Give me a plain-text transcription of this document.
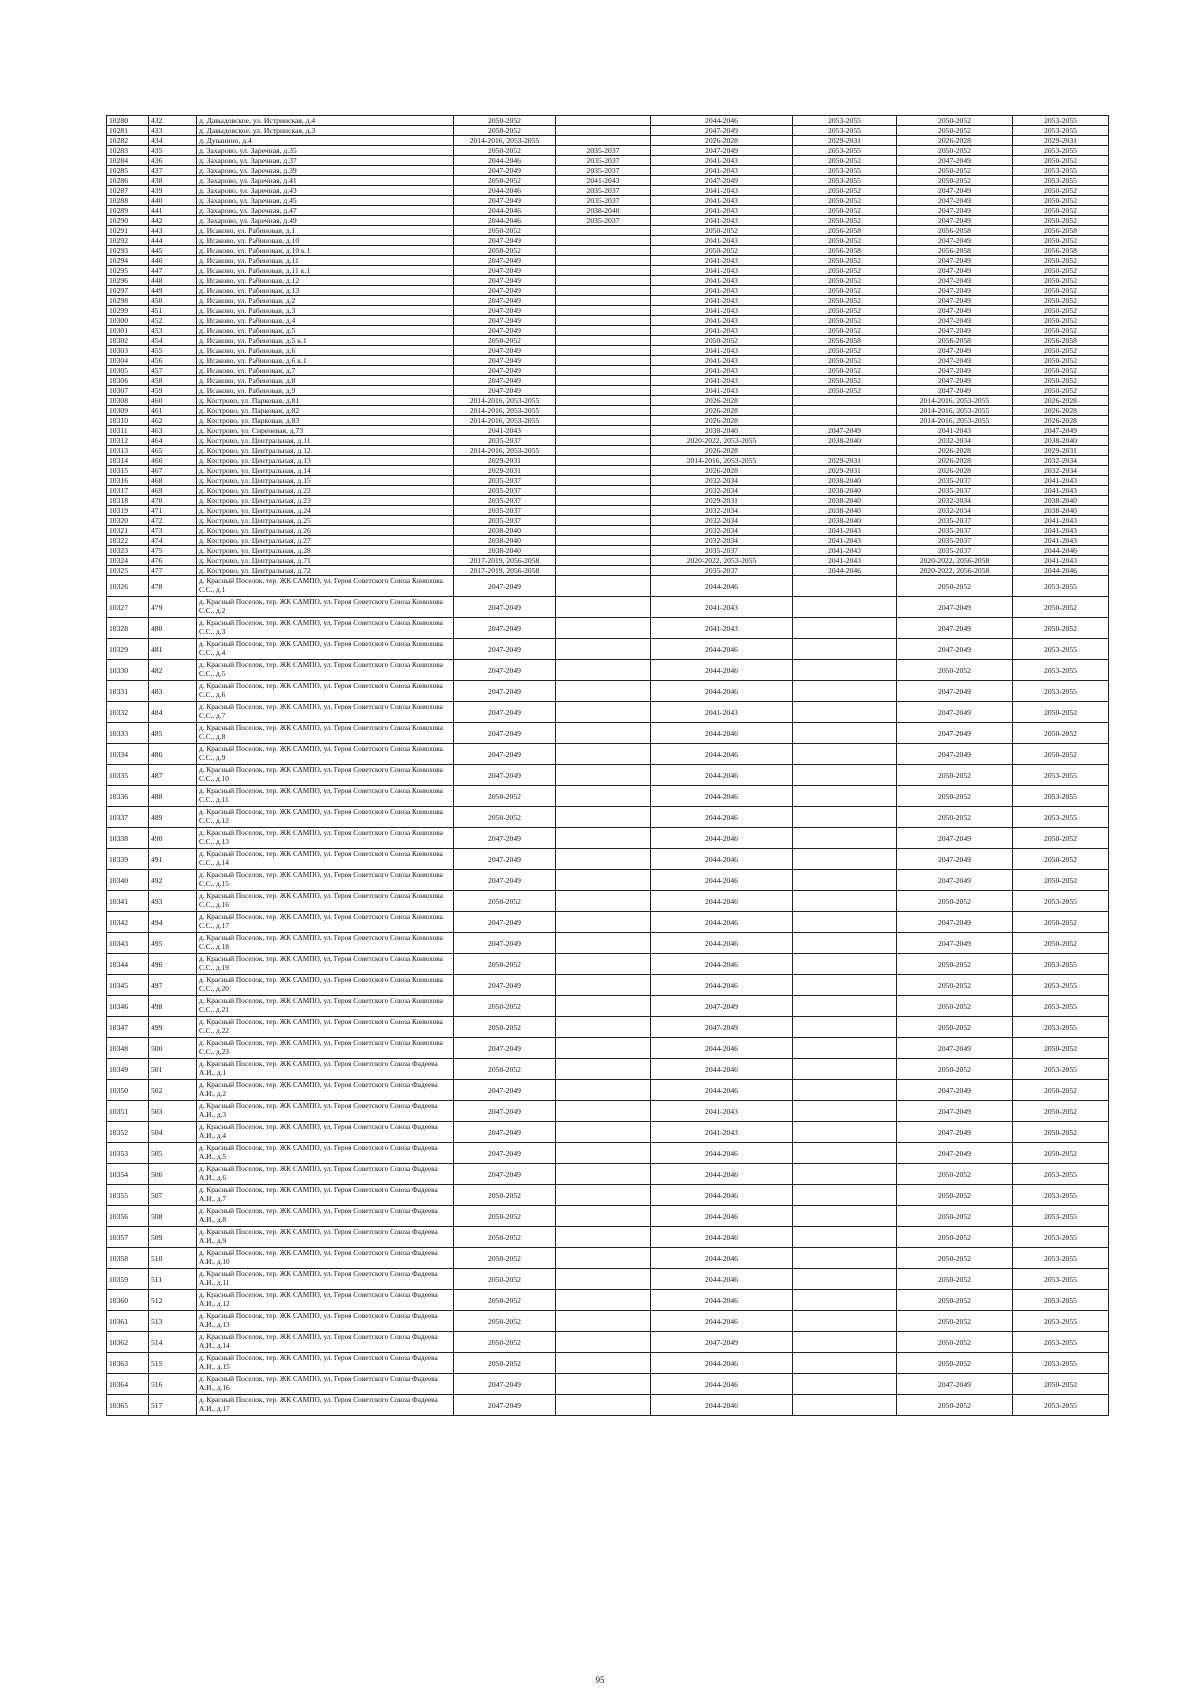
10280	432	д. Давыдовское, ул. Истринская, д.4	2050-2052		2044-2046	2053-2055	2050-2052	2053-2055
10281	433	д. Давыдовское, ул. Истринская, д.3	2050-2052		2047-2049	2053-2055	2050-2052	2053-2055
10282	434	д. Дуванино, д.4	2014-2016, 2053-2055		2026-2028	2029-2031	2026-2028	2029-2031
10283	435	д. Захарово, ул. Заречная, д.35	2050-2052	2035-2037	2047-2049	2053-2055	2050-2052	2053-2055
10284	436	д. Захарово, ул. Заречная, д.37	2044-2046	2035-2037	2041-2043	2050-2052	2047-2049	2050-2052
10285	437	д. Захарово, ул. Заречная, д.39	2047-2049	2035-2037	2041-2043	2053-2055	2050-2052	2053-2055
10286	438	д. Захарово, ул. Заречная, д.41	2050-2052	2041-2043	2047-2049	2053-2055	2050-2052	2053-2055
10287	439	д. Захарово, ул. Заречная, д.43	2044-2046	2035-2037	2041-2043	2050-2052	2047-2049	2050-2052
10288	440	д. Захарово, ул. Заречная, д.45	2047-2049	2035-2037	2041-2043	2050-2052	2047-2049	2050-2052
10289	441	д. Захарово, ул. Заречная, д.47	2044-2046	2038-2040	2041-2043	2050-2052	2047-2049	2050-2052
10290	442	д. Захарово, ул. Заречная, д.49	2044-2046	2035-2037	2041-2043	2050-2052	2047-2049	2050-2052
10291	443	д. Исаково, ул. Рабиновая, д.1	2050-2052		2050-2052	2056-2058	2056-2058	2056-2058
10292	444	д. Исаково, ул. Рабиновая, д.10	2047-2049		2041-2043	2050-2052	2047-2049	2050-2052
10293	445	д. Исаково, ул. Рабиновая, д.10 к.1	2050-2052		2050-2052	2056-2058	2056-2058	2056-2058
10294	446	д. Исаково, ул. Рабиновая, д.11	2047-2049		2041-2043	2050-2052	2047-2049	2050-2052
10295	447	д. Исаково, ул. Рабиновая, д.11 к.1	2047-2049		2041-2043	2050-2052	2047-2049	2050-2052
10296	448	д. Исаково, ул. Рабиновая, д.12	2047-2049		2041-2043	2050-2052	2047-2049	2050-2052
10297	449	д. Исаково, ул. Рабиновая, д.13	2047-2049		2041-2043	2050-2052	2047-2049	2050-2052
10298	450	д. Исаково, ул. Рабиновая, д.2	2047-2049		2041-2043	2050-2052	2047-2049	2050-2052
10299	451	д. Исаково, ул. Рабиновая, д.3	2047-2049		2041-2043	2050-2052	2047-2049	2050-2052
10300	452	д. Исаково, ул. Рабиновая, д.4	2047-2049		2041-2043	2050-2052	2047-2049	2050-2052
10301	453	д. Исаково, ул. Рабиновая, д.5	2047-2049		2041-2043	2050-2052	2047-2049	2050-2052
10302	454	д. Исаково, ул. Рабиновая, д.5 к.1	2050-2052		2050-2052	2056-2058	2056-2058	2056-2058
10303	455	д. Исаково, ул. Рабиновая, д.6	2047-2049		2041-2043	2050-2052	2047-2049	2050-2052
10304	456	д. Исаково, ул. Рабиновая, д.6 к.1	2047-2049		2041-2043	2050-2052	2047-2049	2050-2052
10305	457	д. Исаково, ул. Рабиновая, д.7	2047-2049		2041-2043	2050-2052	2047-2049	2050-2052
10306	458	д. Исаково, ул. Рабиновая, д.8	2047-2049		2041-2043	2050-2052	2047-2049	2050-2052
10307	459	д. Исаково, ул. Рабиновая, д.9	2047-2049		2041-2043	2050-2052	2047-2049	2050-2052
10308	460	д. Кострово, ул. Парковая, д.81	2014-2016, 2053-2055		2026-2028		2014-2016, 2053-2055	2026-2028
10309	461	д. Кострово, ул. Парковая, д.82	2014-2016, 2053-2055		2026-2028		2014-2016, 2053-2055	2026-2028
10310	462	д. Кострово, ул. Парковая, д.83	2014-2016, 2053-2055		2026-2028		2014-2016, 2053-2055	2026-2028
10311	463	д. Кострово, ул. Сиреневая, д.73	2041-2043		2038-2040	2047-2049	2041-2043	2047-2049
10312	464	д. Кострово, ул. Центральная, д.11	2035-2037		2020-2022, 2053-2055	2038-2040	2032-2034	2038-2040
10313	465	д. Кострово, ул. Центральная, д.12	2014-2016, 2053-2055		2026-2028		2026-2028	2029-2031
10314	466	д. Кострово, ул. Центральная, д.13	2029-2031		2014-2016, 2053-2055	2029-2031	2026-2028	2032-2034
10315	467	д. Кострово, ул. Центральная, д.14	2029-2031		2026-2028	2029-2031	2026-2028	2032-2034
10316	468	д. Кострово, ул. Центральная, д.15	2035-2037		2032-2034	2038-2040	2035-2037	2041-2043
10317	469	д. Кострово, ул. Центральная, д.22	2035-2037		2032-2034	2038-2040	2035-2037	2041-2043
10318	470	д. Кострово, ул. Центральная, д.23	2035-2037		2029-2031	2038-2040	2032-2034	2038-2040
10319	471	д. Кострово, ул. Центральная, д.24	2035-2037		2032-2034	2038-2040	2032-2034	2038-2040
10320	472	д. Кострово, ул. Центральная, д.25	2035-2037		2032-2034	2038-2040	2035-2037	2041-2043
10321	473	д. Кострово, ул. Центральная, д.26	2038-2040		2032-2034	2041-2043	2035-2037	2041-2043
10322	474	д. Кострово, ул. Центральная, д.27	2038-2040		2032-2034	2041-2043	2035-2037	2041-2043
10323	475	д. Кострово, ул. Центральная, д.28	2038-2040		2035-2037	2041-2043	2035-2037	2044-2046
10324	476	д. Кострово, ул. Центральная, д.71	2017-2019, 2056-2058		2020-2022, 2053-2055	2041-2043	2020-2022, 2056-2058	2041-2043
10325	477	д. Кострово, ул. Центральная, д.72	2017-2019, 2056-2058		2035-2037	2044-2046	2020-2022, 2056-2058	2044-2046
10326	478	д. Красный Поселок, тер. ЖК САМПО, ул. Героя Советского Союза Конюхова С.С., д.1	2047-2049		2044-2046		2050-2052	2053-2055
10327	479	д. Красный Поселок, тер. ЖК САМПО, ул. Героя Советского Союза Конюхова С.С., д.2	2047-2049		2041-2043		2047-2049	2050-2052
10328	480	д. Красный Поселок, тер. ЖК САМПО, ул. Героя Советского Союза Конюхова С.С., д.3	2047-2049		2041-2043		2047-2049	2050-2052
10329	481	д. Красный Поселок, тер. ЖК САМПО, ул. Героя Советского Союза Конюхова С.С., д.4	2047-2049		2044-2046		2047-2049	2053-2055
10330	482	д. Красный Поселок, тер. ЖК САМПО, ул. Героя Советского Союза Конюхова С.С., д.5	2047-2049		2044-2046		2050-2052	2053-2055
10331	483	д. Красный Поселок, тер. ЖК САМПО, ул. Героя Советского Союза Конюхова С.С., д.6	2047-2049		2044-2046		2047-2049	2053-2055
10332	484	д. Красный Поселок, тер. ЖК САМПО, ул. Героя Советского Союза Конюхова С.С., д.7	2047-2049		2041-2043		2047-2049	2050-2052
10333	485	д. Красный Поселок, тер. ЖК САМПО, ул. Героя Советского Союза Конюхова С.С., д.8	2047-2049		2044-2046		2047-2049	2050-2052
10334	486	д. Красный Поселок, тер. ЖК САМПО, ул. Героя Советского Союза Конюхова С.С., д.9	2047-2049		2044-2046		2047-2049	2050-2052
10335	487	д. Красный Поселок, тер. ЖК САМПО, ул. Героя Советского Союза Конюхова С.С., д.10	2047-2049		2044-2046		2050-2052	2053-2055
10336	488	д. Красный Поселок, тер. ЖК САМПО, ул. Героя Советского Союза Конюхова С.С., д.11	2050-2052		2044-2046		2050-2052	2053-2055
10337	489	д. Красный Поселок, тер. ЖК САМПО, ул. Героя Советского Союза Конюхова С.С., д.12	2050-2052		2044-2046		2050-2052	2053-2055
10338	490	д. Красный Поселок, тер. ЖК САМПО, ул. Героя Советского Союза Конюхова С.С., д.13	2047-2049		2044-2046		2047-2049	2050-2052
10339	491	д. Красный Поселок, тер. ЖК САМПО, ул. Героя Советского Союза Конюхова С.С., д.14	2047-2049		2044-2046		2047-2049	2050-2052
10340	492	д. Красный Поселок, тер. ЖК САМПО, ул. Героя Советского Союза Конюхова С.С., д.15	2047-2049		2044-2046		2047-2049	2050-2052
10341	493	д. Красный Поселок, тер. ЖК САМПО, ул. Героя Советского Союза Конюхова С.С., д.16	2050-2052		2044-2046		2050-2052	2053-2055
10342	494	д. Красный Поселок, тер. ЖК САМПО, ул. Героя Советского Союза Конюхова С.С., д.17	2047-2049		2044-2046		2047-2049	2050-2052
10343	495	д. Красный Поселок, тер. ЖК САМПО, ул. Героя Советского Союза Конюхова С.С., д.18	2047-2049		2044-2046		2047-2049	2050-2052
10344	496	д. Красный Поселок, тер. ЖК САМПО, ул. Героя Советского Союза Конюхова С.С., д.19	2050-2052		2044-2046		2050-2052	2053-2055
10345	497	д. Красный Поселок, тер. ЖК САМПО, ул. Героя Советского Союза Конюхова С.С., д.20	2047-2049		2044-2046		2050-2052	2053-2055
10346	498	д. Красный Поселок, тер. ЖК САМПО, ул. Героя Советского Союза Конюхова С.С., д.21	2050-2052		2047-2049		2050-2052	2053-2055
10347	499	д. Красный Поселок, тер. ЖК САМПО, ул. Героя Советского Союза Конюхова С.С., д.22	2050-2052		2047-2049		2050-2052	2053-2055
10348	500	д. Красный Поселок, тер. ЖК САМПО, ул. Героя Советского Союза Конюхова С.С., д.23	2047-2049		2044-2046		2047-2049	2050-2052
10349	501	д. Красный Поселок, тер. ЖК САМПО, ул. Героя Советского Союза Фадеева А.И., д.1	2050-2052		2044-2046		2050-2052	2053-2055
10350	502	д. Красный Поселок, тер. ЖК САМПО, ул. Героя Советского Союза Фадеева А.И., д.2	2047-2049		2044-2046		2047-2049	2050-2052
10351	503	д. Красный Поселок, тер. ЖК САМПО, ул. Героя Советского Союза Фадеева А.И., д.3	2047-2049		2041-2043		2047-2049	2050-2052
10352	504	д. Красный Поселок, тер. ЖК САМПО, ул. Героя Советского Союза Фадеева А.И., д.4	2047-2049		2041-2043		2047-2049	2050-2052
10353	505	д. Красный Поселок, тер. ЖК САМПО, ул. Героя Советского Союза Фадеева А.И., д.5	2047-2049		2044-2046		2047-2049	2050-2052
10354	506	д. Красный Поселок, тер. ЖК САМПО, ул. Героя Советского Союза Фадеева А.И., д.6	2047-2049		2044-2046		2050-2052	2053-2055
10355	507	д. Красный Поселок, тер. ЖК САМПО, ул. Героя Советского Союза Фадеева А.И., д.7	2050-2052		2044-2046		2050-2052	2053-2055
10356	508	д. Красный Поселок, тер. ЖК САМПО, ул. Героя Советского Союза Фадеева А.И., д.8	2050-2052		2044-2046		2050-2052	2053-2055
10357	509	д. Красный Поселок, тер. ЖК САМПО, ул. Героя Советского Союза Фадеева А.И., д.9	2050-2052		2044-2046		2050-2052	2053-2055
10358	510	д. Красный Поселок, тер. ЖК САМПО, ул. Героя Советского Союза Фадеева А.И., д.10	2050-2052		2044-2046		2050-2052	2053-2055
10359	511	д. Красный Поселок, тер. ЖК САМПО, ул. Героя Советского Союза Фадеева А.И., д.11	2050-2052		2044-2046		2050-2052	2053-2055
10360	512	д. Красный Поселок, тер. ЖК САМПО, ул. Героя Советского Союза Фадеева А.И., д.12	2050-2052		2044-2046		2050-2052	2053-2055
10361	513	д. Красный Поселок, тер. ЖК САМПО, ул. Героя Советского Союза Фадеева А.И., д.13	2050-2052		2044-2046		2050-2052	2053-2055
10362	514	д. Красный Поселок, тер. ЖК САМПО, ул. Героя Советского Союза Фадеева А.И., д.14	2050-2052		2047-2049		2050-2052	2053-2055
10363	515	д. Красный Поселок, тер. ЖК САМПО, ул. Героя Советского Союза Фадеева А.И., д.15	2050-2052		2044-2046		2050-2052	2053-2055
10364	516	д. Красный Поселок, тер. ЖК САМПО, ул. Героя Советского Союза Фадеева А.И., д.16	2047-2049		2044-2046		2047-2049	2050-2052
10365	517	д. Красный Поселок, тер. ЖК САМПО, ул. Героя Советского Союза Фадеева А.И., д.17	2047-2049		2044-2046		2050-2052	2053-2055
95
